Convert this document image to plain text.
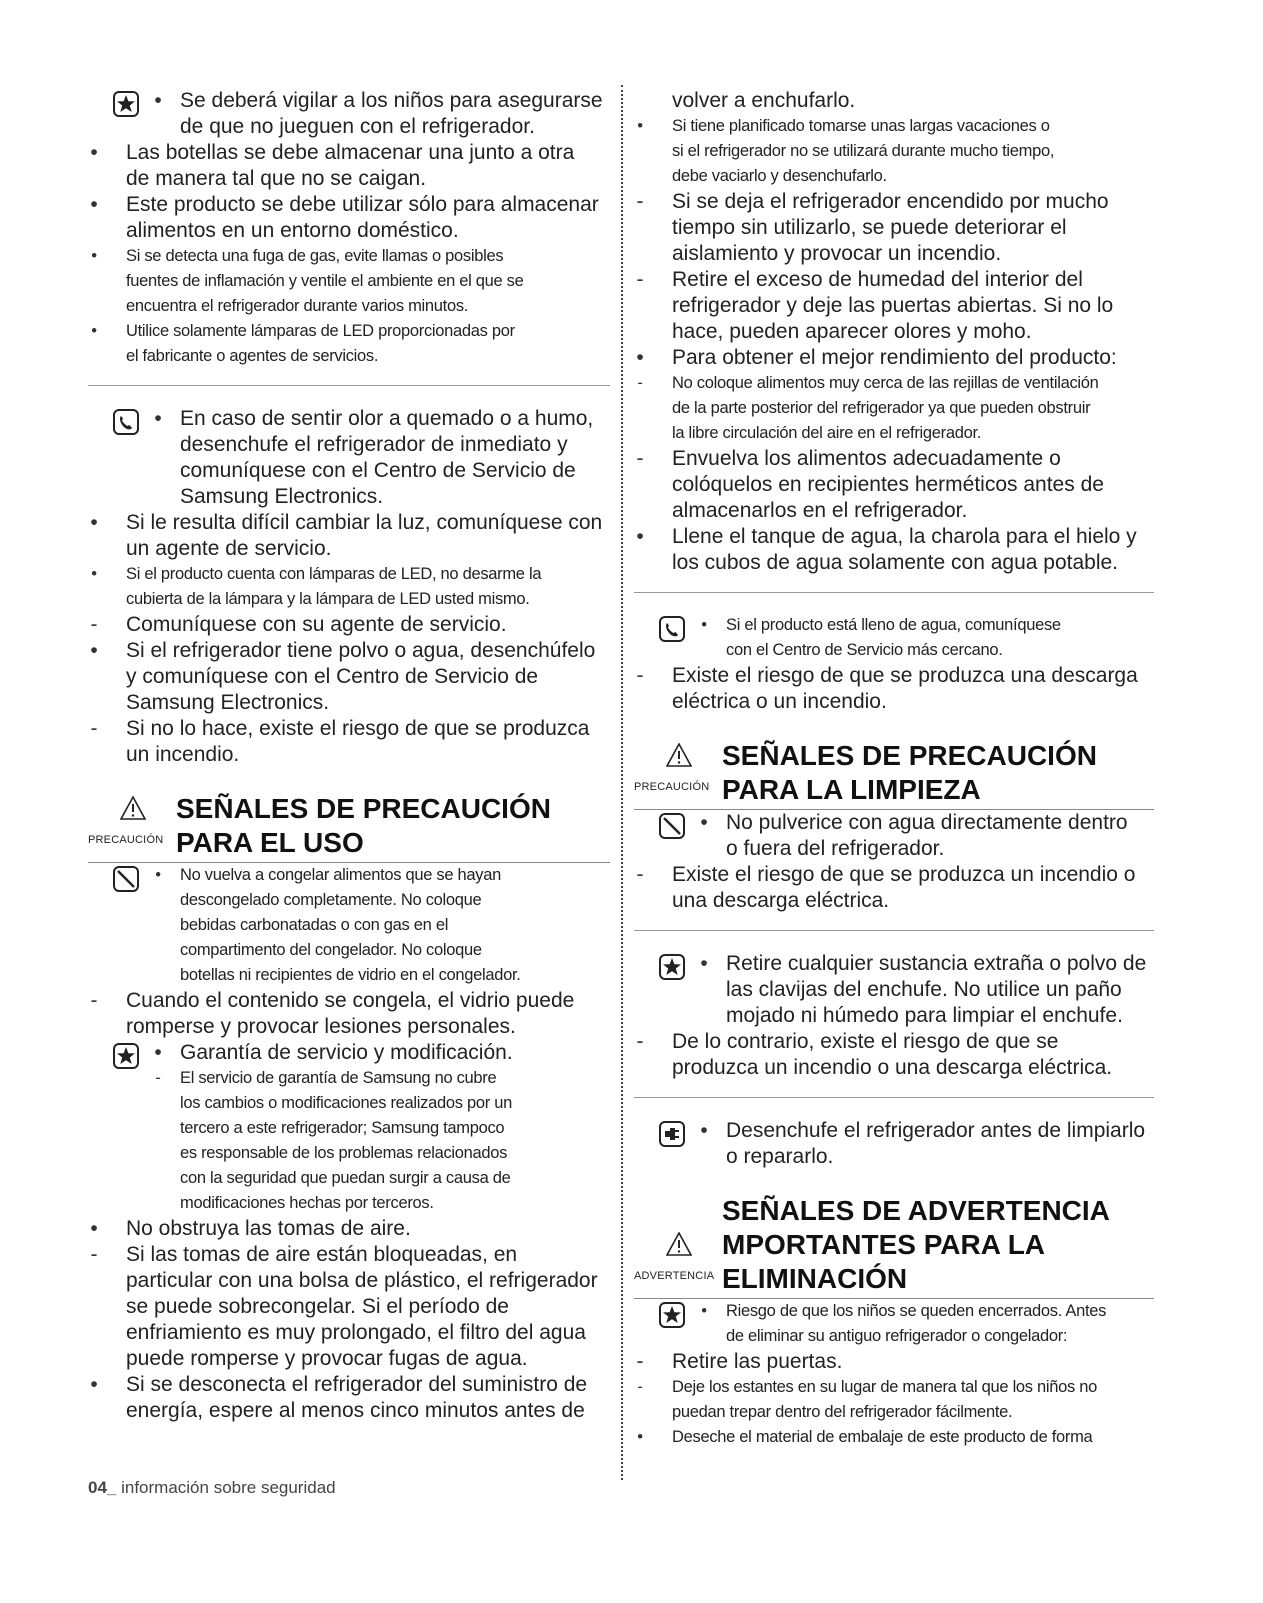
• Se deberá vigilar a los niños para asegurarse
de que no jueguen con el refrigerador.
• Las botellas se debe almacenar una junto a otra
de manera tal que no se caigan.
• Este producto se debe utilizar sólo para almacenar
alimentos en un entorno doméstico.
• Si se detecta una fuga de gas, evite llamas o posibles
fuentes de inflamación y ventile el ambiente en el que se
encuentra el refrigerador durante varios minutos.
• Utilice solamente lámparas de LED proporcionadas por
el fabricante o agentes de servicios.
• En caso de sentir olor a quemado o a humo,
desenchufe el refrigerador de inmediato y
comuníquese con el Centro de Servicio de
Samsung Electronics.
• Si le resulta difícil cambiar la luz, comuníquese con
un agente de servicio.
• Si el producto cuenta con lámparas de LED, no desarme la
cubierta de la lámpara y la lámpara de LED usted mismo.
- Comuníquese con su agente de servicio.
• Si el refrigerador tiene polvo o agua, desenchúfelo
y comuníquese con el Centro de Servicio de
Samsung Electronics.
- Si no lo hace, existe el riesgo de que se produzca
un incendio.
PRECAUCIÓN
SEÑALES DE PRECAUCIÓN
PARA EL USO
• No vuelva a congelar alimentos que se hayan
descongelado completamente. No coloque
bebidas carbonatadas o con gas en el
compartimento del congelador. No coloque
botellas ni recipientes de vidrio en el congelador.
- Cuando el contenido se congela, el vidrio puede
romperse y provocar lesiones personales.
• Garantía de servicio y modificación.
- El servicio de garantía de Samsung no cubre
los cambios o modificaciones realizados por un
tercero a este refrigerador; Samsung tampoco
es responsable de los problemas relacionados
con la seguridad que puedan surgir a causa de
modificaciones hechas por terceros.
• No obstruya las tomas de aire.
- Si las tomas de aire están bloqueadas, en
particular con una bolsa de plástico, el refrigerador
se puede sobrecongelar. Si el período de
enfriamiento es muy prolongado, el filtro del agua
puede romperse y provocar fugas de agua.
• Si se desconecta el refrigerador del suministro de
energía, espere al menos cinco minutos antes de
volver a enchufarlo.
• Si tiene planificado tomarse unas largas vacaciones o
si el refrigerador no se utilizará durante mucho tiempo,
debe vaciarlo y desenchufarlo.
- Si se deja el refrigerador encendido por mucho
tiempo sin utilizarlo, se puede deteriorar el
aislamiento y provocar un incendio.
- Retire el exceso de humedad del interior del
refrigerador y deje las puertas abiertas. Si no lo
hace, pueden aparecer olores y moho.
• Para obtener el mejor rendimiento del producto:
- No coloque alimentos muy cerca de las rejillas de ventilación
de la parte posterior del refrigerador ya que pueden obstruir
la libre circulación del aire en el refrigerador.
- Envuelva los alimentos adecuadamente o
colóquelos en recipientes herméticos antes de
almacenarlos en el refrigerador.
• Llene el tanque de agua, la charola para el hielo y
los cubos de agua solamente con agua potable.
• Si el producto está lleno de agua, comuníquese
con el Centro de Servicio más cercano.
- Existe el riesgo de que se produzca una descarga
eléctrica o un incendio.
PRECAUCIÓN
SEÑALES DE PRECAUCIÓN
PARA LA LIMPIEZA
• No pulverice con agua directamente dentro
o fuera del refrigerador.
- Existe el riesgo de que se produzca un incendio o
una descarga eléctrica.
• Retire cualquier sustancia extraña o polvo de
las clavijas del enchufe. No utilice un paño
mojado ni húmedo para limpiar el enchufe.
- De lo contrario, existe el riesgo de que se
produzca un incendio o una descarga eléctrica.
• Desenchufe el refrigerador antes de limpiarlo
o repararlo.
ADVERTENCIA
SEÑALES DE ADVERTENCIA
MPORTANTES PARA LA
ELIMINACIÓN
• Riesgo de que los niños se queden encerrados. Antes
de eliminar su antiguo refrigerador o congelador:
- Retire las puertas.
- Deje los estantes en su lugar de manera tal que los niños no
puedan trepar dentro del refrigerador fácilmente.
• Deseche el material de embalaje de este producto de forma
04_ información sobre seguridad
